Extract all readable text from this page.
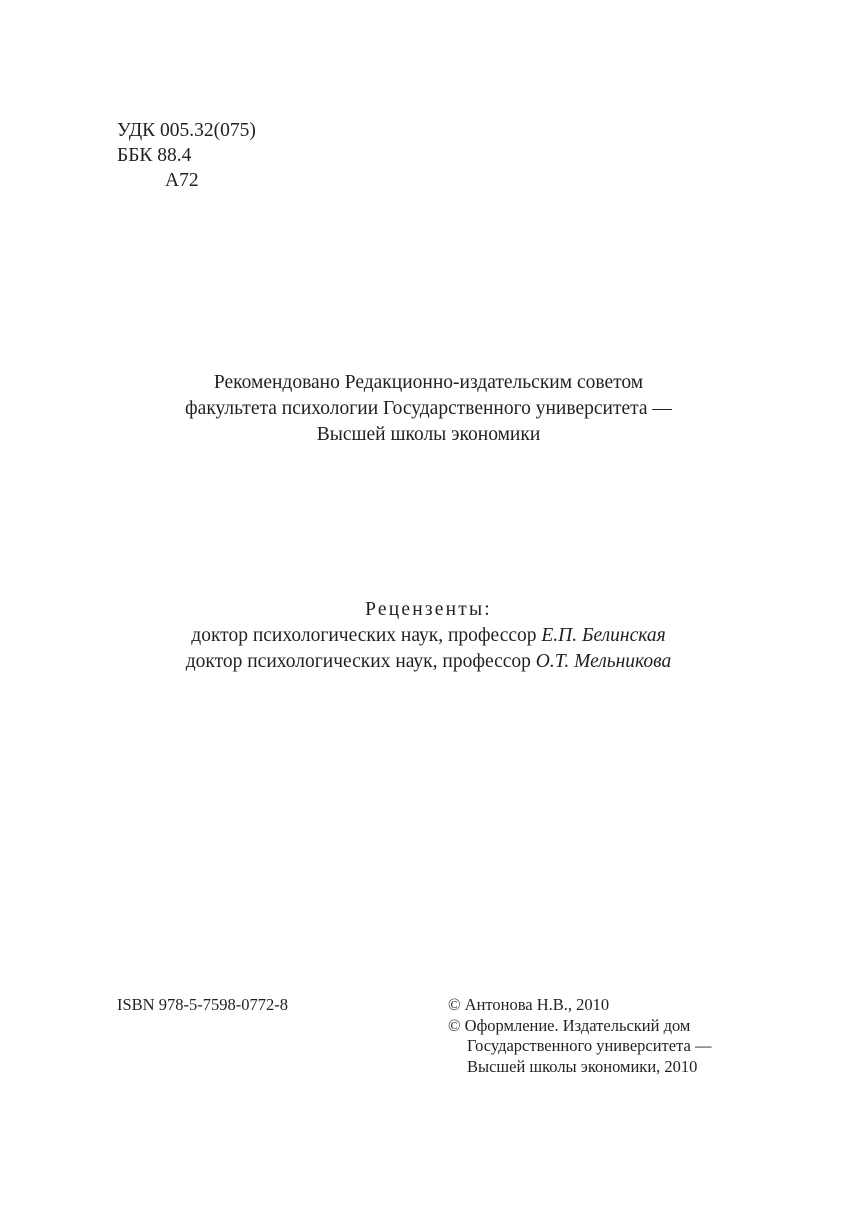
УДК 005.32(075)
ББК 88.4
А72
Рекомендовано Редакционно-издательским советом
факультета психологии Государственного университета —
Высшей школы экономики
Рецензенты:
доктор психологических наук, профессор Е.П. Белинская
доктор психологических наук, профессор О.Т. Мельникова
ISBN 978-5-7598-0772-8	© Антонова Н.В., 2010
© Оформление. Издательский дом
Государственного университета —
Высшей школы экономики, 2010
